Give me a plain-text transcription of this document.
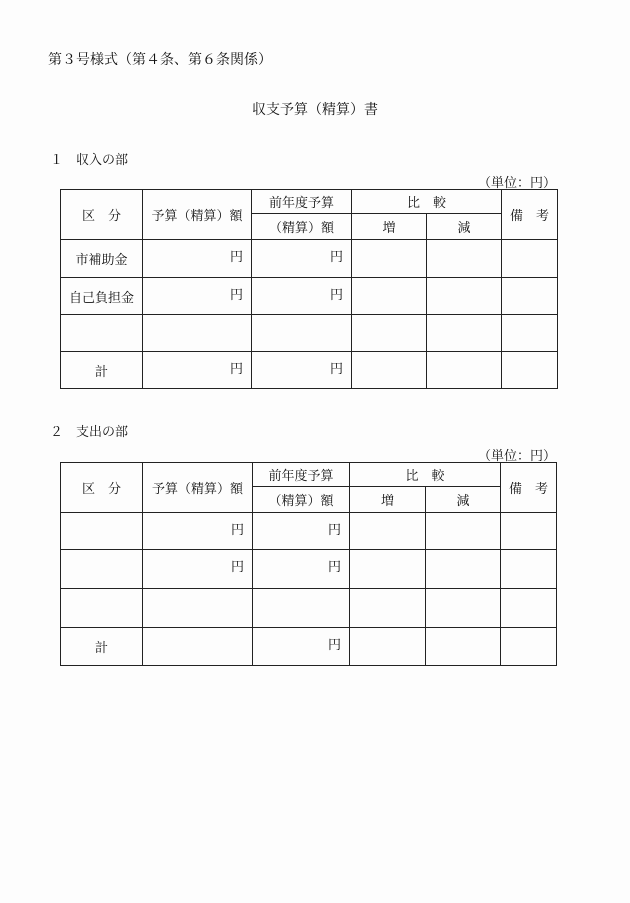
第３号様式（第４条、第６条関係）
収支予算（精算）書
１　収入の部
（単位：円）
区　分	予算（精算）額	前年度予算	比　較		備　考
		（精算）額	増	減	
市補助金	円	円			
自己負担金	円	円			

計	円	円			
２　支出の部
（単位：円）
区　分	予算（精算）額	前年度予算	比　較		備　考
		（精算）額	増	減	
	円	円			
	円	円			

計		円			
